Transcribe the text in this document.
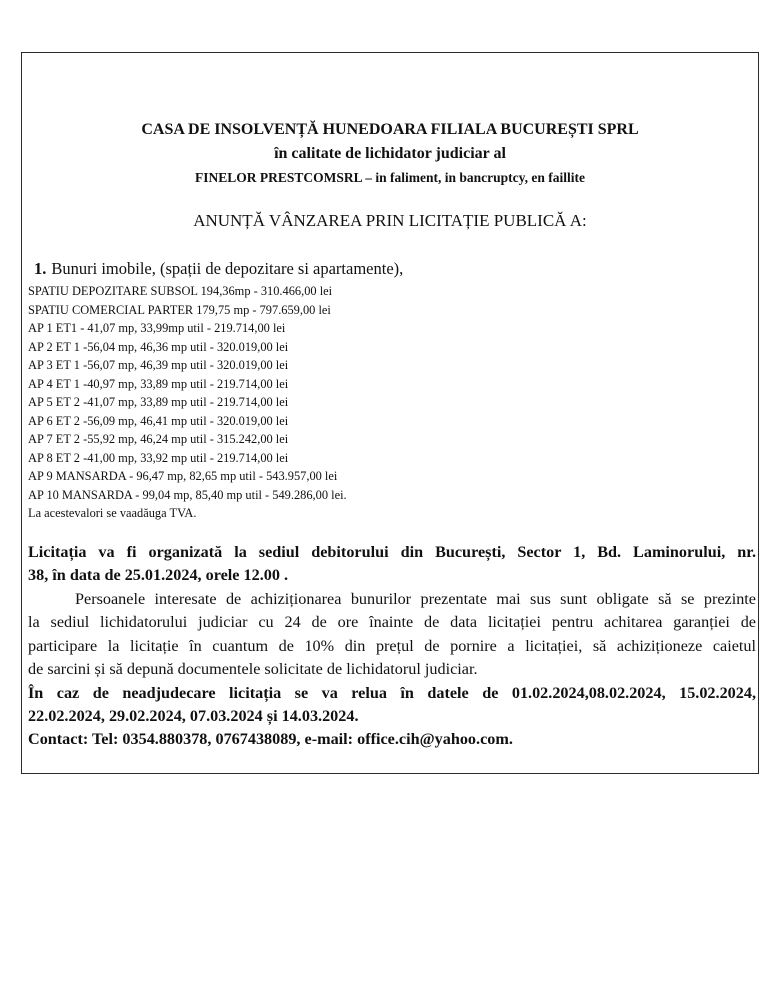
CASA DE INSOLVENȚĂ HUNEDOARA FILIALA BUCUREȘTI SPRL
în calitate de lichidator judiciar al
FINELOR PRESTCOMSRL – in faliment, in bancruptcy, en faillite
ANUNȚĂ VÂNZAREA PRIN LICITAȚIE PUBLICĂ A:
1. Bunuri imobile, (spații de depozitare si apartamente),
SPATIU DEPOZITARE SUBSOL 194,36mp - 310.466,00 lei
SPATIU COMERCIAL PARTER 179,75 mp - 797.659,00 lei
AP 1 ET1 - 41,07 mp, 33,99mp util - 219.714,00 lei
AP 2 ET 1 -56,04 mp, 46,36 mp util - 320.019,00 lei
AP 3 ET 1 -56,07 mp, 46,39 mp util - 320.019,00 lei
AP 4 ET 1 -40,97 mp, 33,89 mp util - 219.714,00 lei
AP 5 ET 2 -41,07 mp, 33,89 mp util - 219.714,00 lei
AP 6 ET 2 -56,09 mp, 46,41 mp util - 320.019,00 lei
AP 7 ET 2 -55,92 mp, 46,24 mp util - 315.242,00 lei
AP 8 ET 2 -41,00 mp, 33,92 mp util - 219.714,00 lei
AP 9 MANSARDA - 96,47 mp, 82,65 mp util - 543.957,00 lei
AP 10 MANSARDA - 99,04 mp, 85,40 mp util - 549.286,00 lei.
La acestevalori se vaadăuga TVA.
Licitația va fi organizată la sediul debitorului din București, Sector 1, Bd. Laminorului, nr.
38, în data de 25.01.2024, orele 12.00 .
Persoanele interesate de achiziționarea bunurilor prezentate mai sus sunt obligate să se prezinte
la sediul lichidatorului judiciar cu 24 de ore înainte de data licitației pentru achitarea garanției de
participare la licitație în cuantum de 10% din prețul de pornire a licitației, să achiziționeze caietul
de sarcini și să depună documentele solicitate de lichidatorul judiciar.
În caz de neadjudecare licitația se va relua în datele de 01.02.2024,08.02.2024, 15.02.2024,
22.02.2024, 29.02.2024, 07.03.2024 și 14.03.2024.
Contact: Tel: 0354.880378, 0767438089, e-mail: office.cih@yahoo.com.
